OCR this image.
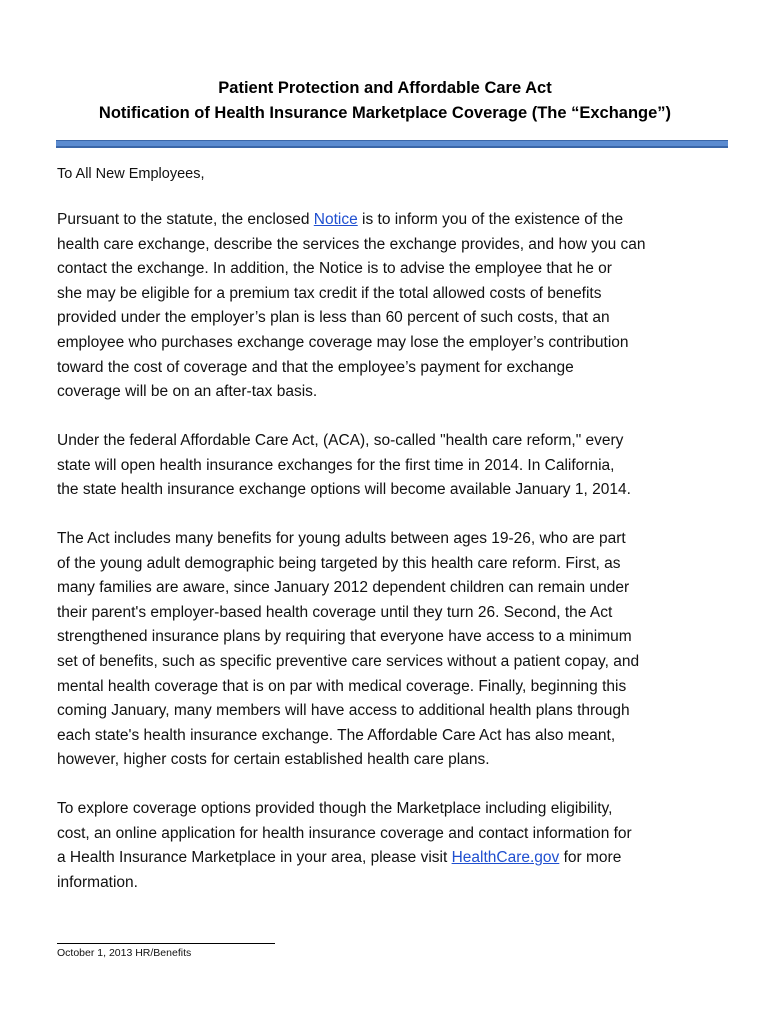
Patient Protection and Affordable Care Act
Notification of Health Insurance Marketplace Coverage (The “Exchange”)
To All New Employees,
Pursuant to the statute, the enclosed Notice is to inform you of the existence of the
health care exchange, describe the services the exchange provides, and how you can
contact the exchange. In addition, the Notice is to advise the employee that he or
she may be eligible for a premium tax credit if the total allowed costs of benefits
provided under the employer’s plan is less than 60 percent of such costs, that an
employee who purchases exchange coverage may lose the employer’s contribution
toward the cost of coverage and that the employee’s payment for exchange
coverage will be on an after-tax basis.
Under the federal Affordable Care Act, (ACA), so-called "health care reform," every
state will open health insurance exchanges for the first time in 2014. In California,
the state health insurance exchange options will become available January 1, 2014.
The Act includes many benefits for young adults between ages 19-26, who are part
of the young adult demographic being targeted by this health care reform. First, as
many families are aware, since January 2012 dependent children can remain under
their parent's employer-based health coverage until they turn 26. Second, the Act
strengthened insurance plans by requiring that everyone have access to a minimum
set of benefits, such as specific preventive care services without a patient copay, and
mental health coverage that is on par with medical coverage. Finally, beginning this
coming January, many members will have access to additional health plans through
each state's health insurance exchange. The Affordable Care Act has also meant,
however, higher costs for certain established health care plans.
To explore coverage options provided though the Marketplace including eligibility,
cost, an online application for health insurance coverage and contact information for
a Health Insurance Marketplace in your area, please visit HealthCare.gov for more
information.
October 1, 2013 HR/Benefits
